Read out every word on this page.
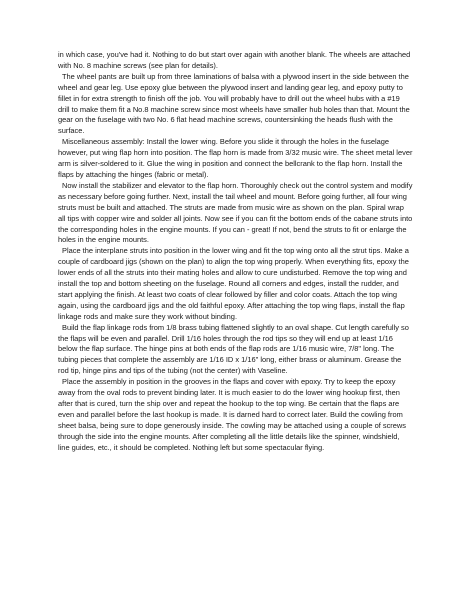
in which case, you've had it. Nothing to do but start over again with another blank. The wheels are attached with No. 8 machine screws (see plan for details).

The wheel pants are built up from three laminations of balsa with a plywood insert in the side between the wheel and gear leg. Use epoxy glue between the plywood insert and landing gear leg, and epoxy putty to fillet in for extra strength to finish off the job. You will probably have to drill out the wheel hubs with a #19 drill to make them fit a No.8 machine screw since most wheels have smaller hub holes than that. Mount the gear on the fuselage with two No. 6 flat head machine screws, countersinking the heads flush with the surface.

Miscellaneous assembly: Install the lower wing. Before you slide it through the holes in the fuselage however, put wing flap horn into position. The flap horn is made from 3/32 music wire. The sheet metal lever arm is silver-soldered to it. Glue the wing in position and connect the bellcrank to the flap horn. Install the flaps by attaching the hinges (fabric or metal).

Now install the stabilizer and elevator to the flap horn. Thoroughly check out the control system and modify as necessary before going further. Next, install the tail wheel and mount. Before going further, all four wing struts must be built and attached. The struts are made from music wire as shown on the plan. Spiral wrap all tips with copper wire and solder all joints. Now see if you can fit the bottom ends of the cabane struts into the corresponding holes in the engine mounts. If you can - great! If not, bend the struts to fit or enlarge the holes in the engine mounts.

Place the interplane struts into position in the lower wing and fit the top wing onto all the strut tips. Make a couple of cardboard jigs (shown on the plan) to align the top wing properly. When everything fits, epoxy the lower ends of all the struts into their mating holes and allow to cure undisturbed. Remove the top wing and install the top and bottom sheeting on the fuselage. Round all corners and edges, install the rudder, and start applying the finish. At least two coats of clear followed by filler and color coats. Attach the top wing again, using the cardboard jigs and the old faithful epoxy. After attaching the top wing flaps, install the flap linkage rods and make sure they work without binding.

Build the flap linkage rods from 1/8 brass tubing flattened slightly to an oval shape. Cut length carefully so the flaps will be even and parallel. Drill 1/16 holes through the rod tips so they will end up at least 1/16 below the flap surface. The hinge pins at both ends of the flap rods are 1/16 music wire, 7/8" long. The tubing pieces that complete the assembly are 1/16 ID x 1/16" long, either brass or aluminum. Grease the rod tip, hinge pins and tips of the tubing (not the center) with Vaseline.

Place the assembly in position in the grooves in the flaps and cover with epoxy. Try to keep the epoxy away from the oval rods to prevent binding later. It is much easier to do the lower wing hookup first, then after that is cured, turn the ship over and repeat the hookup to the top wing. Be certain that the flaps are even and paralleI before the last hookup is made. It is darned hard to correct later. Build the cowling from sheet balsa, being sure to dope generously inside. The cowling may be attached using a couple of screws through the side into the engine mounts. After completing all the little details like the spinner, windshield, line guides, etc., it should be completed. Nothing left but some spectacular flying.
